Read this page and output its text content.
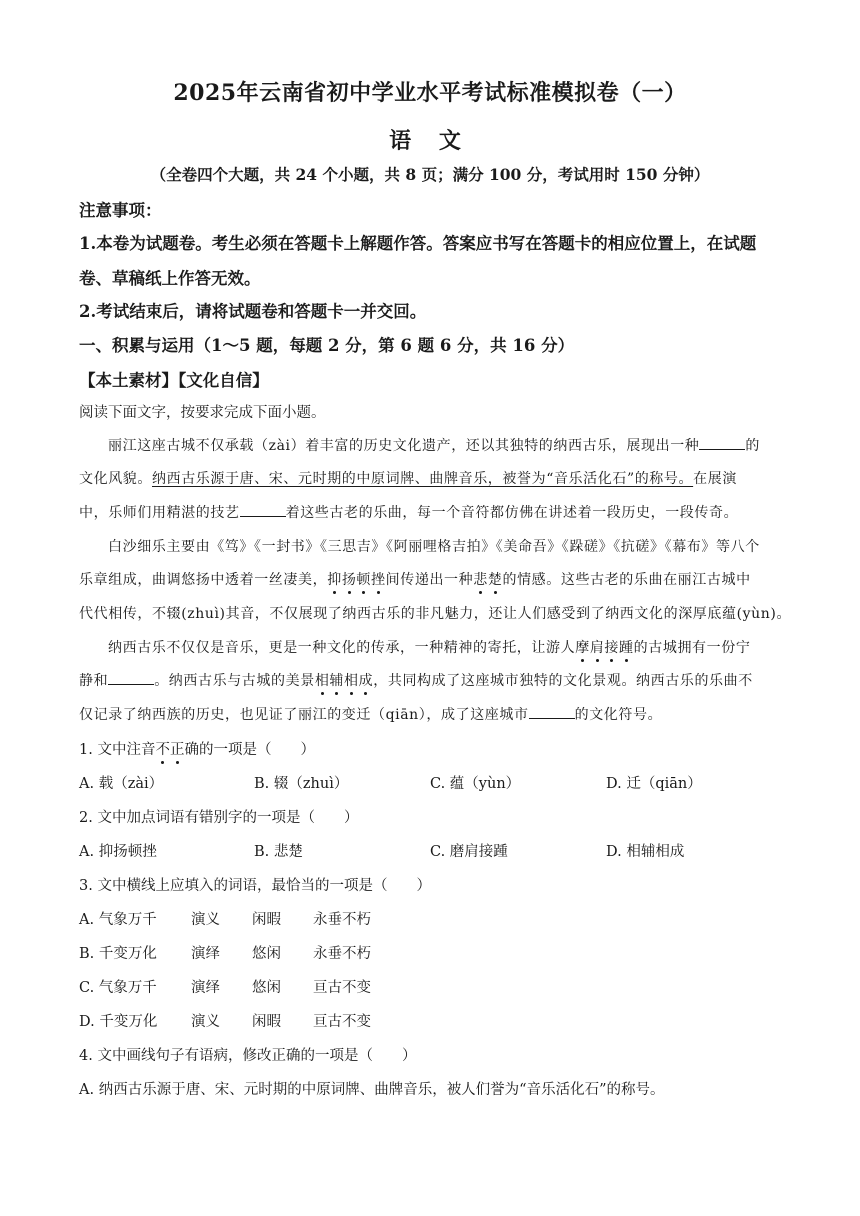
2025年云南省初中学业水平考试标准模拟卷（一）
语 文
（全卷四个大题，共 24 个小题，共 8 页；满分 100 分，考试用时 150 分钟）
注意事项：
1.本卷为试题卷。考生必须在答题卡上解题作答。答案应书写在答题卡的相应位置上，在试题
卷、草稿纸上作答无效。
2.考试结束后，请将试题卷和答题卡一并交回。
一、积累与运用（1～5 题，每题 2 分，第 6 题 6 分，共 16 分）
【本土素材】【文化自信】
阅读下面文字，按要求完成下面小题。
丽江这座古城不仅承载（zài）着丰富的历史文化遗产，还以其独特的纳西古乐，展现出一种	的
文化风貌。纳西古乐源于唐、宋、元时期的中原词牌、曲牌音乐，被誉为“音乐活化石”的称号。在展演
中，乐师们用精湛的技艺	着这些古老的乐曲，每一个音符都仿佛在讲述着一段历史，一段传奇。
白沙细乐主要由《笃》《一封书》《三思吉》《阿丽哩格吉拍》《美命吾》《跺磋》《抗磋》《幕布》等八个
乐章组成，曲调悠扬中透着一丝凄美，抑扬顿挫间传递出一种悲楚的情感。这些古老的乐曲在丽江古城中
代代相传，不辍(zhuì)其音，不仅展现了纳西古乐的非凡魅力，还让人们感受到了纳西文化的深厚底蕴(yùn)。
纳西古乐不仅仅是音乐，更是一种文化的传承，一种精神的寄托，让游人摩肩接踵的古城拥有一份宁
静和	。纳西古乐与古城的美景相辅相成，共同构成了这座城市独特的文化景观。纳西古乐的乐曲不
仅记录了纳西族的历史，也见证了丽江的变迁（qiān），成了这座城市	的文化符号。
1. 文中注音不正确的一项是（　　）
A. 载（zài）	B. 辍（zhuì）	C. 蕴（yùn）	D. 迁（qiān）
2. 文中加点词语有错别字的一项是（　　）
A. 抑扬顿挫	B. 悲楚	C. 磨肩接踵	D. 相辅相成
3. 文中横线上应填入的词语，最恰当的一项是（　　）
A. 气象万千 演义 闲暇 永垂不朽
B. 千变万化 演绎 悠闲 永垂不朽
C. 气象万千 演绎 悠闲 亘古不变
D. 千变万化 演义 闲暇 亘古不变
4. 文中画线句子有语病，修改正确的一项是（　　）
A. 纳西古乐源于唐、宋、元时期的中原词牌、曲牌音乐，被人们誉为“音乐活化石”的称号。
